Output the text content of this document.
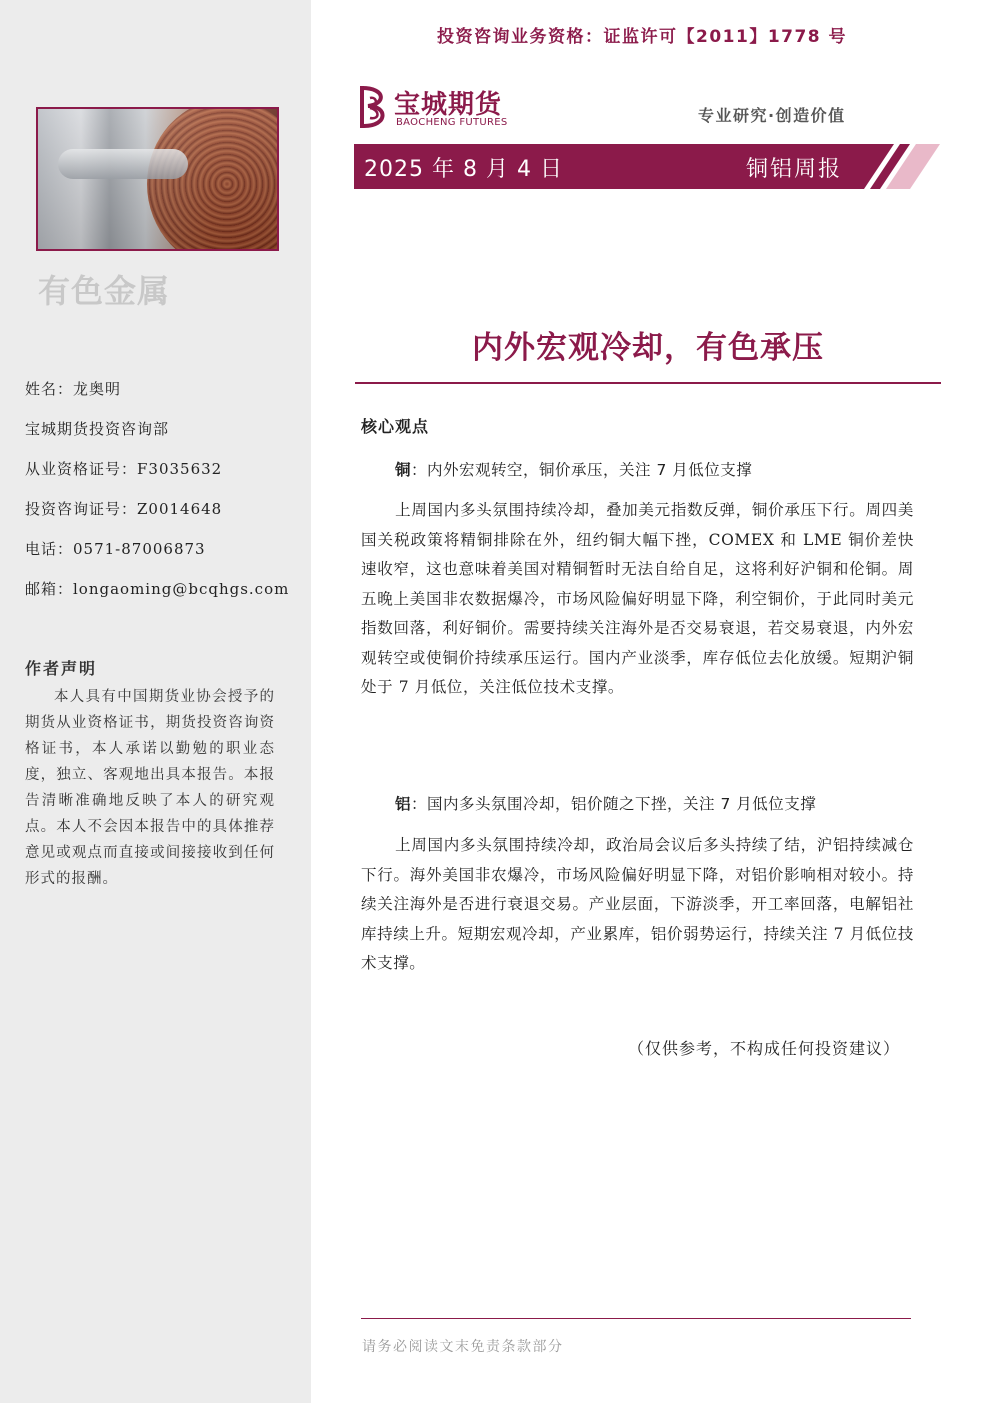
有色金属
姓名：龙奥明
宝城期货投资咨询部
从业资格证号：F3035632
投资咨询证号：Z0014648
电话：0571-87006873
邮箱：longaoming@bcqhgs.com
作者声明
本人具有中国期货业协会授予的期货从业资格证书，期货投资咨询资格证书，本人承诺以勤勉的职业态度，独立、客观地出具本报告。本报告清晰准确地反映了本人的研究观点。本人不会因本报告中的具体推荐意见或观点而直接或间接接收到任何形式的报酬。
投资咨询业务资格：证监许可【2011】1778 号
宝城期货
BAOCHENG FUTURES	专业研究·创造价值
2025 年 8 月 4 日	铜铝周报
内外宏观冷却，有色承压
核心观点
铜：内外宏观转空，铜价承压，关注 7 月低位支撑
上周国内多头氛围持续冷却，叠加美元指数反弹，铜价承压下行。周四美国关税政策将精铜排除在外，纽约铜大幅下挫，COMEX 和 LME 铜价差快速收窄，这也意味着美国对精铜暂时无法自给自足，这将利好沪铜和伦铜。周五晚上美国非农数据爆冷，市场风险偏好明显下降，利空铜价，于此同时美元指数回落，利好铜价。需要持续关注海外是否交易衰退，若交易衰退，内外宏观转空或使铜价持续承压运行。国内产业淡季，库存低位去化放缓。短期沪铜处于 7 月低位，关注低位技术支撑。
铝：国内多头氛围冷却，铝价随之下挫，关注 7 月低位支撑
上周国内多头氛围持续冷却，政治局会议后多头持续了结，沪铝持续减仓下行。海外美国非农爆冷，市场风险偏好明显下降，对铝价影响相对较小。持续关注海外是否进行衰退交易。产业层面，下游淡季，开工率回落，电解铝社库持续上升。短期宏观冷却，产业累库，铝价弱势运行，持续关注 7 月低位技术支撑。
（仅供参考，不构成任何投资建议）
请务必阅读文末免责条款部分
